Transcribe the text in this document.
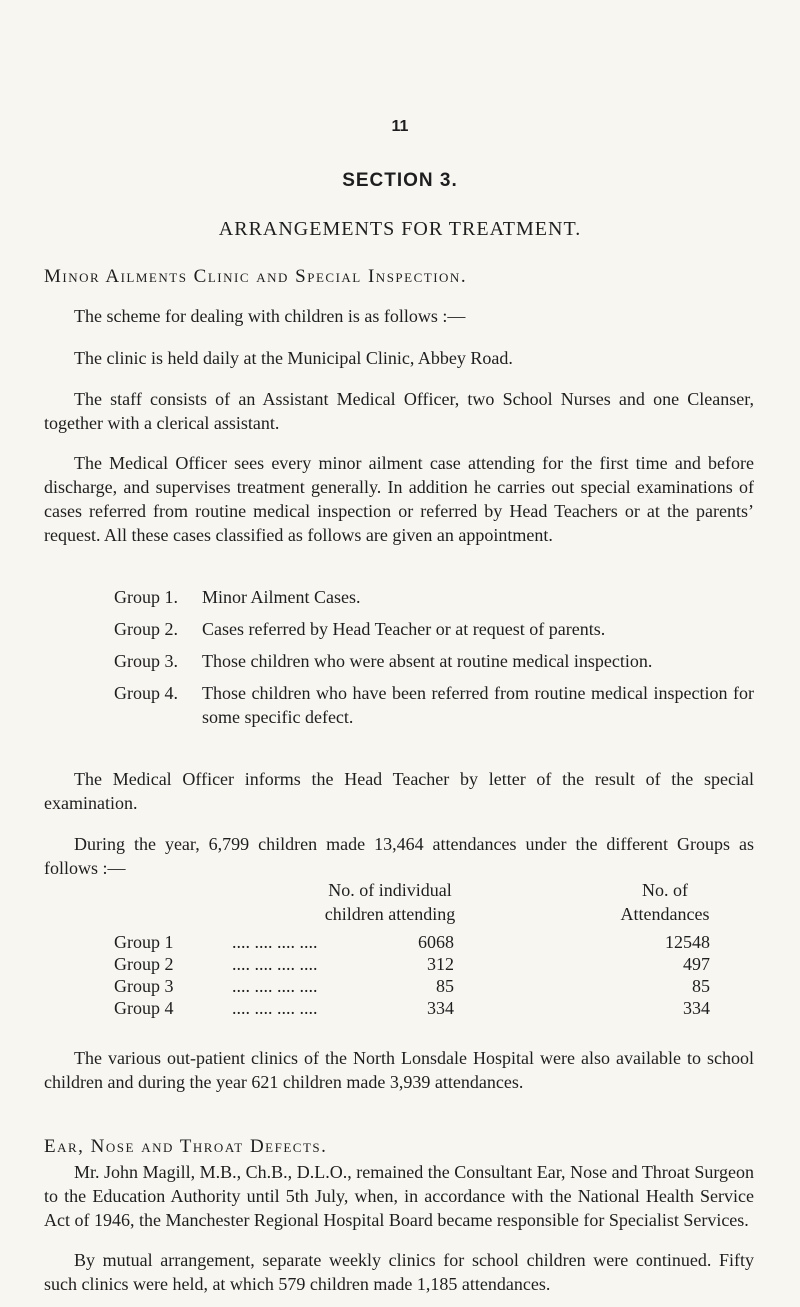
11
SECTION 3.
ARRANGEMENTS FOR TREATMENT.
Minor Ailments Clinic and Special Inspection.

The scheme for dealing with children is as follows :—

The clinic is held daily at the Municipal Clinic, Abbey Road.

The staff consists of an Assistant Medical Officer, two School Nurses and one Cleanser, together with a clerical assistant.

The Medical Officer sees every minor ailment case attending for the first time and before discharge, and supervises treatment generally. In addition he carries out special examinations of cases referred from routine medical inspection or referred by Head Teachers or at the parents’ request. All these cases classified as follows are given an appointment.

Group 1.	Minor Ailment Cases.
Group 2.	Cases referred by Head Teacher or at request of parents.
Group 3.	Those children who were absent at routine medical inspection.
Group 4.	Those children who have been referred from routine medical inspection for some specific defect.

The Medical Officer informs the Head Teacher by letter of the result of the special examination.

During the year, 6,799 children made 13,464 attendances under the different Groups as follows :—

No. of individual
children attending
No. of
Attendances
Group 1	.... .... .... ....	6068	12548
Group 2	.... .... .... ....	312	497
Group 3	.... .... .... ....	85	85
Group 4	.... .... .... ....	334	334

The various out-patient clinics of the North Lonsdale Hospital were also available to school children and during the year 621 children made 3,939 attendances.

Ear, Nose and Throat Defects.

Mr. John Magill, M.B., Ch.B., D.L.O., remained the Consultant Ear, Nose and Throat Surgeon to the Education Authority until 5th July, when, in accordance with the National Health Service Act of 1946, the Manchester Regional Hospital Board became responsible for Specialist Services.

By mutual arrangement, separate weekly clinics for school children were continued. Fifty such clinics were held, at which 579 children made 1,185 attendances.
